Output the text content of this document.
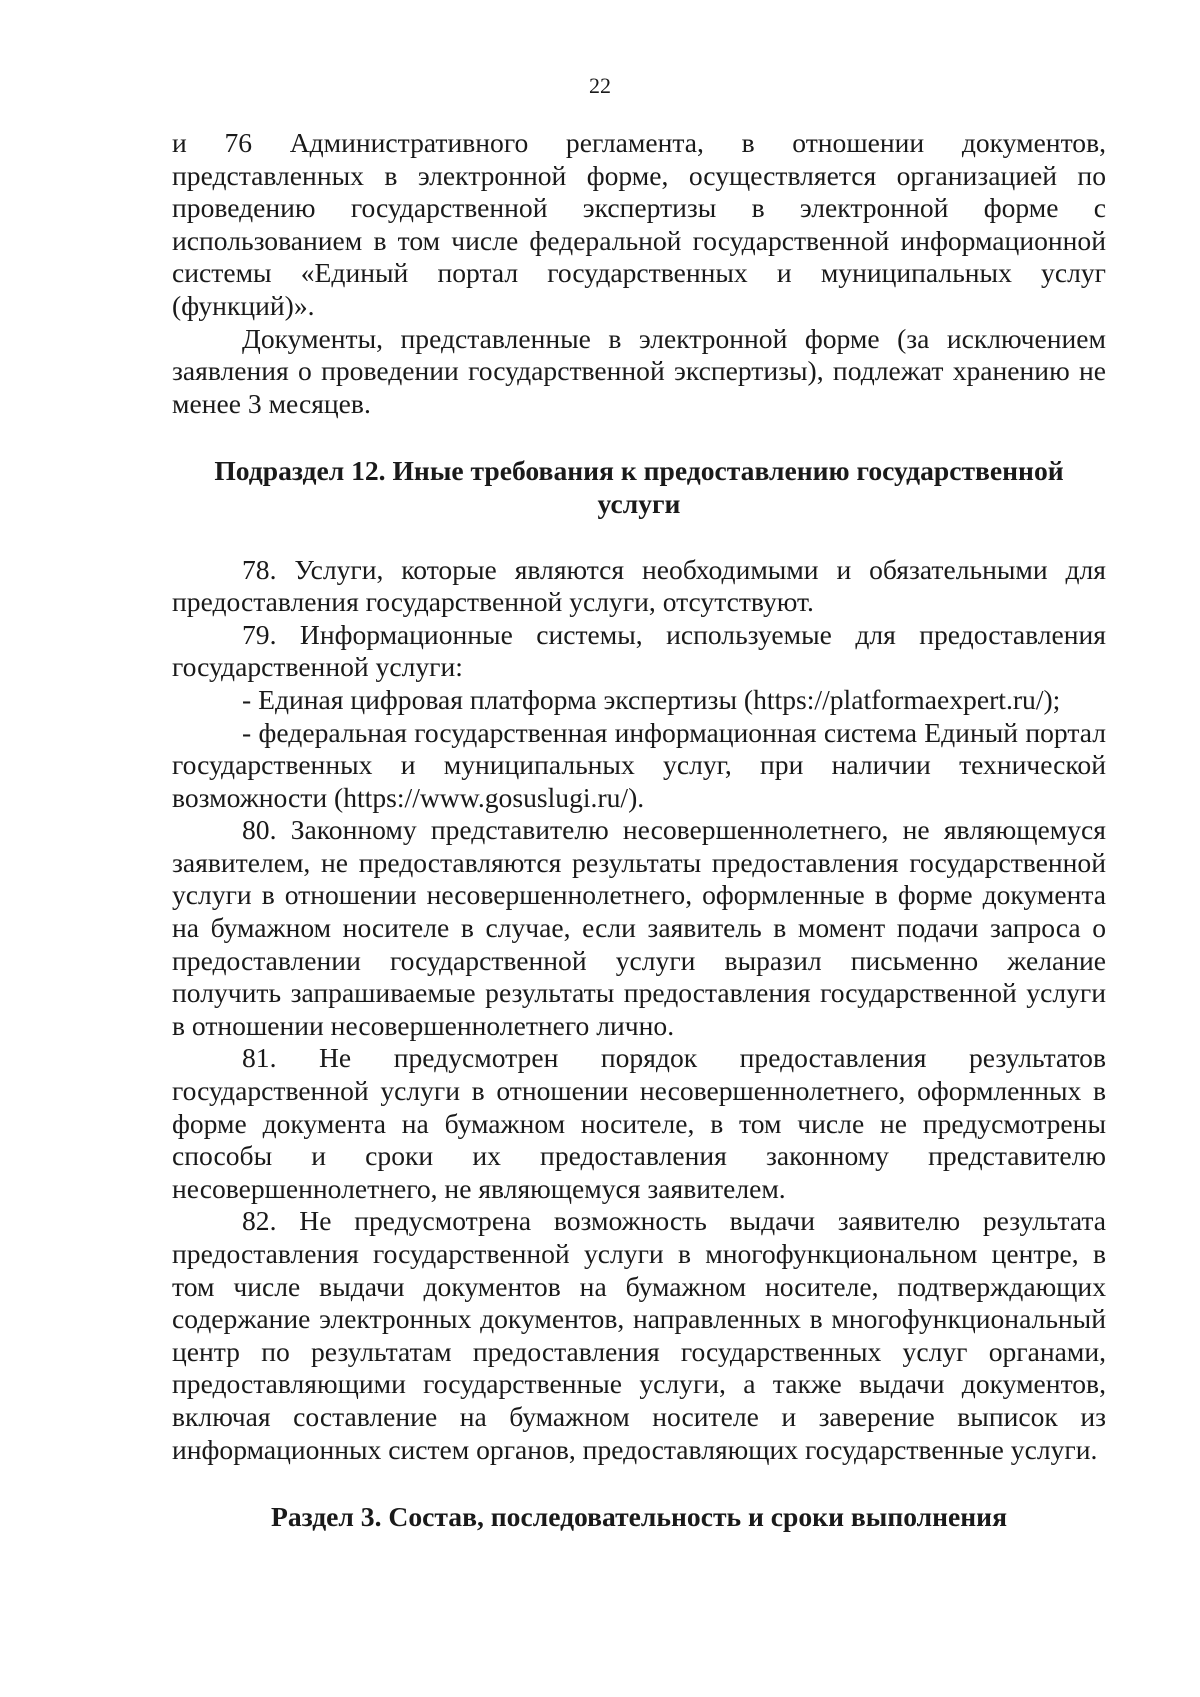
22

и 76 Административного регламента, в отношении документов, представленных в электронной форме, осуществляется организацией по проведению государственной экспертизы в электронной форме с использованием в том числе федеральной государственной информационной системы «Единый портал государственных и муниципальных услуг (функций)».

Документы, представленные в электронной форме (за исключением заявления о проведении государственной экспертизы), подлежат хранению не менее 3 месяцев.

Подраздел 12. Иные требования к предоставлению государственной услуги

78. Услуги, которые являются необходимыми и обязательными для предоставления государственной услуги, отсутствуют.

79. Информационные системы, используемые для предоставления государственной услуги:

- Единая цифровая платформа экспертизы (https://platformaexpert.ru/);

- федеральная государственная информационная система Единый портал государственных и муниципальных услуг, при наличии технической возможности (https://www.gosuslugi.ru/).

80. Законному представителю несовершеннолетнего, не являющемуся заявителем, не предоставляются результаты предоставления государственной услуги в отношении несовершеннолетнего, оформленные в форме документа на бумажном носителе в случае, если заявитель в момент подачи запроса о предоставлении государственной услуги выразил письменно желание получить запрашиваемые результаты предоставления государственной услуги в отношении несовершеннолетнего лично.

81. Не предусмотрен порядок предоставления результатов государственной услуги в отношении несовершеннолетнего, оформленных в форме документа на бумажном носителе, в том числе не предусмотрены способы и сроки их предоставления законному представителю несовершеннолетнего, не являющемуся заявителем.

82. Не предусмотрена возможность выдачи заявителю результата предоставления государственной услуги в многофункциональном центре, в том числе выдачи документов на бумажном носителе, подтверждающих содержание электронных документов, направленных в многофункциональный центр по результатам предоставления государственных услуг органами, предоставляющими государственные услуги, а также выдачи документов, включая составление на бумажном носителе и заверение выписок из информационных систем органов, предоставляющих государственные услуги.

Раздел 3. Состав, последовательность и сроки выполнения
